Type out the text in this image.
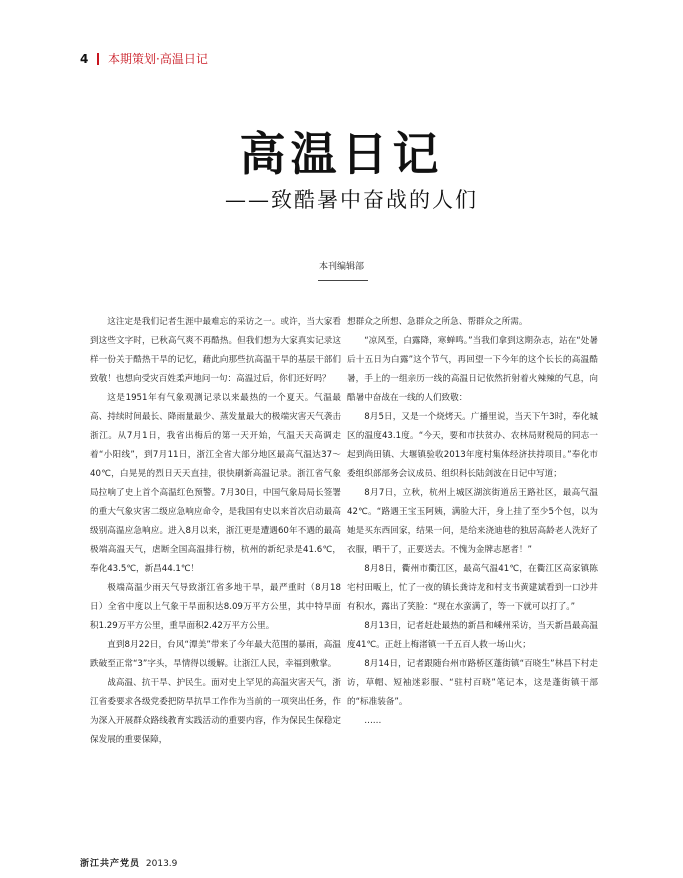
4 本期策划·高温日记
高温日记
——致酷暑中奋战的人们
本刊编辑部

这注定是我们记者生涯中最难忘的采访之一。或许，当大家看到这些文字时，已秋高气爽不再酷热。但我们想为大家真实记录这样一份关于酷热干旱的记忆，藉此向那些抗高温干旱的基层干部们致敬！也想向受灾百姓柔声地问一句：高温过后，你们还好吗？

这是1951年有气象观测记录以来最热的一个夏天。气温最高、持续时间最长、降雨量最少、蒸发量最大的极端灾害天气袭击浙江。从7月1日，我省出梅后的第一天开始，气温天天高调走着“小阳线”，到7月11日，浙江全省大部分地区最高气温达37～40℃，白晃晃的烈日天天直挂，很快刷新高温记录。浙江省气象局拉响了史上首个高温红色预警。7月30日，中国气象局局长签署的重大气象灾害二级应急响应命令，是我国有史以来首次启动最高级别高温应急响应。进入8月以来，浙江更是遭遇60年不遇的最高极端高温天气，虐断全国高温排行榜，杭州的新纪录是41.6℃，奉化43.5℃，新昌44.1℃！

极端高温少雨天气导致浙江省多地干旱，最严重时（8月18日）全省中度以上气象干旱面积达8.09万平方公里，其中特旱面积1.29万平方公里，重旱面积2.42万平方公里。

直到8月22日，台风“潭美”带来了今年最大范围的暴雨，高温跌破至正常“3”字头，旱情得以缓解。让浙江人民，幸福到敷掌。

战高温、抗干旱、护民生。面对史上罕见的高温灾害天气，浙江省委要求各级党委把防旱抗旱工作作为当前的一项突出任务，作为深入开展群众路线教育实践活动的重要内容，作为保民生保稳定保发展的重要保障，

想群众之所想、急群众之所急、帮群众之所需。

“凉风至，白露降，寒蝉鸣。”当我们拿到这期杂志，站在“处暑后十五日为白露”这个节气，再回望一下今年的这个长长的高温酷暑，手上的一组亲历一线的高温日记依然折射着火辣辣的气息，向酷暑中奋战在一线的人们致敬：

8月5日，又是一个烧烤天。广播里说，当天下午3时，奉化城区的温度43.1度。“今天，要和市扶贫办、农林局财税局的同志一起到尚田镇、大堰镇验收2013年度村集体经济扶持项目。”奉化市委组织部部务会议成员、组织科长陆剑波在日记中写道；

8月7日，立秋，杭州上城区湖滨街道岳王路社区，最高气温42℃。“路遇王宝玉阿姨，满脸大汗，身上挂了至少5个包，以为她是买东西回家，结果一问，是给来浇迪巷的独居高龄老人洗好了衣服，晒干了，正要送去。不愧为金牌志愿者！”

8月8日，衢州市衢江区，最高气温41℃，在衢江区高家镇陈宅村田畈上，忙了一夜的镇长龚诗龙和村支书黄建斌看到一口沙井有积水，露出了笑脸：“现在水蛮满了，等一下就可以打了。”

8月13日，记者赶赴最热的新昌和嵊州采访，当天新昌最高温度41℃。正赶上梅渚镇一千五百人救一场山火；

8月14日，记者跟随台州市路桥区蓬街镇“百晓生”林昌下村走访，草帽、短袖迷彩服、“驻村百晓”笔记本，这是蓬街镇干部的“标准装备”。

……

浙江共产党员 2013.9
